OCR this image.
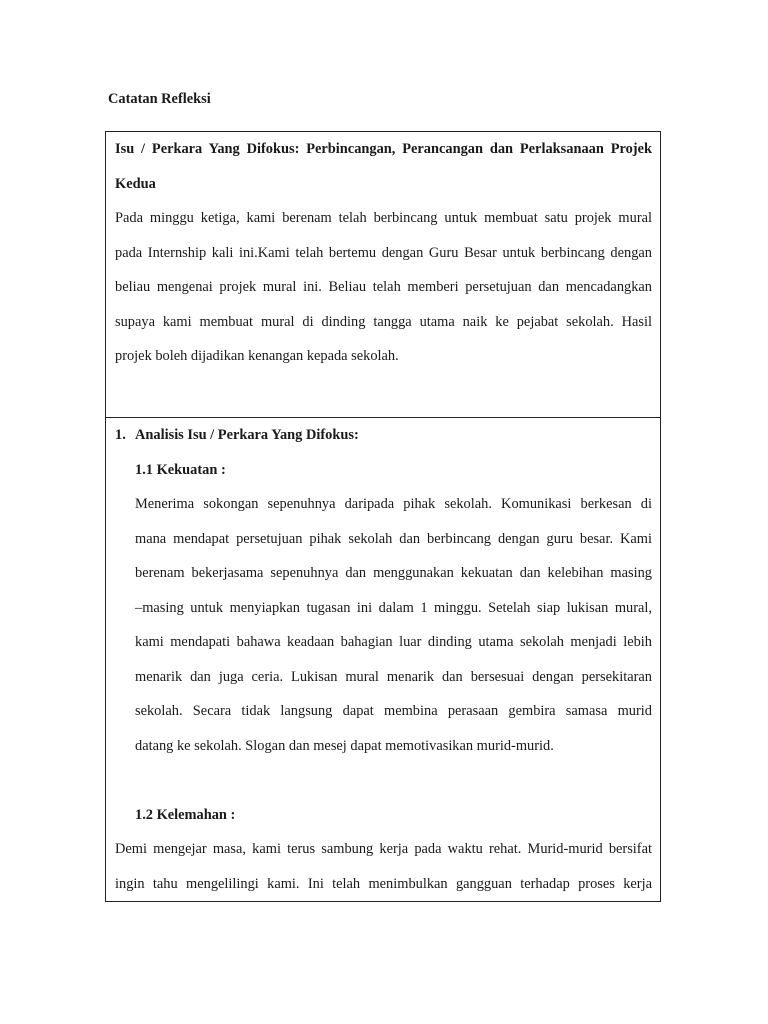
Catatan Refleksi
Isu / Perkara Yang Difokus: Perbincangan, Perancangan dan Perlaksanaan Projek
Kedua
Pada minggu ketiga, kami berenam telah berbincang untuk membuat satu projek mural
pada Internship kali ini.Kami telah bertemu dengan Guru Besar untuk berbincang dengan
beliau mengenai projek mural ini. Beliau telah memberi persetujuan dan mencadangkan
supaya kami membuat mural di dinding tangga utama naik ke pejabat sekolah. Hasil
projek boleh dijadikan kenangan kepada sekolah.
1. Analisis Isu / Perkara Yang Difokus:
1.1 Kekuatan :
Menerima sokongan sepenuhnya daripada pihak sekolah. Komunikasi berkesan di
mana mendapat persetujuan pihak sekolah dan berbincang dengan guru besar. Kami
berenam bekerjasama sepenuhnya dan menggunakan kekuatan dan kelebihan masing
–masing untuk menyiapkan tugasan ini dalam 1 minggu. Setelah siap lukisan mural,
kami mendapati bahawa keadaan bahagian luar dinding utama sekolah menjadi lebih
menarik dan juga ceria. Lukisan mural menarik dan bersesuai dengan persekitaran
sekolah. Secara tidak langsung dapat membina perasaan gembira samasa murid
datang ke sekolah. Slogan dan mesej dapat memotivasikan murid-murid.
1.2 Kelemahan :
Demi mengejar masa, kami terus sambung kerja pada waktu rehat. Murid-murid bersifat
ingin tahu mengelilingi kami. Ini telah menimbulkan gangguan terhadap proses kerja
